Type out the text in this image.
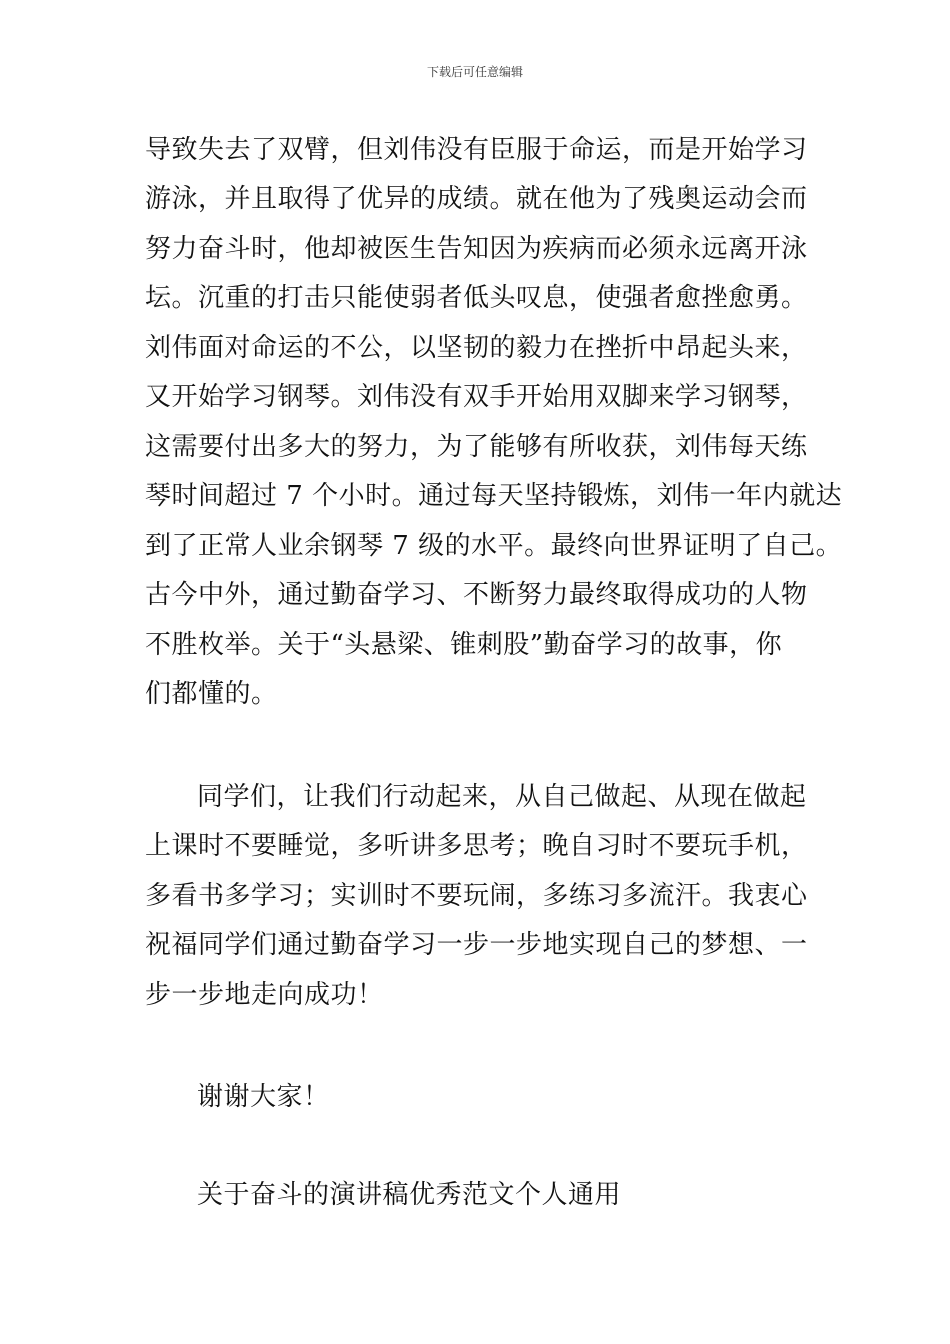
下载后可任意编辑
导致失去了双臂，但刘伟没有臣服于命运，而是开始学习
游泳，并且取得了优异的成绩。就在他为了残奥运动会而
努力奋斗时，他却被医生告知因为疾病而必须永远离开泳
坛。沉重的打击只能使弱者低头叹息，使强者愈挫愈勇。
刘伟面对命运的不公，以坚韧的毅力在挫折中昂起头来，
又开始学习钢琴。刘伟没有双手开始用双脚来学习钢琴，
这需要付出多大的努力，为了能够有所收获，刘伟每天练
琴时间超过 7 个小时。通过每天坚持锻炼，刘伟一年内就达
到了正常人业余钢琴 7 级的水平。最终向世界证明了自己。
古今中外，通过勤奋学习、不断努力最终取得成功的人物
不胜枚举。关于“头悬梁、锥刺股”勤奋学习的故事，你
们都懂的。
同学们，让我们行动起来，从自己做起、从现在做起
上课时不要睡觉，多听讲多思考；晚自习时不要玩手机，
多看书多学习；实训时不要玩闹，多练习多流汗。我衷心
祝福同学们通过勤奋学习一步一步地实现自己的梦想、一
步一步地走向成功！
谢谢大家！
关于奋斗的演讲稿优秀范文个人通用
